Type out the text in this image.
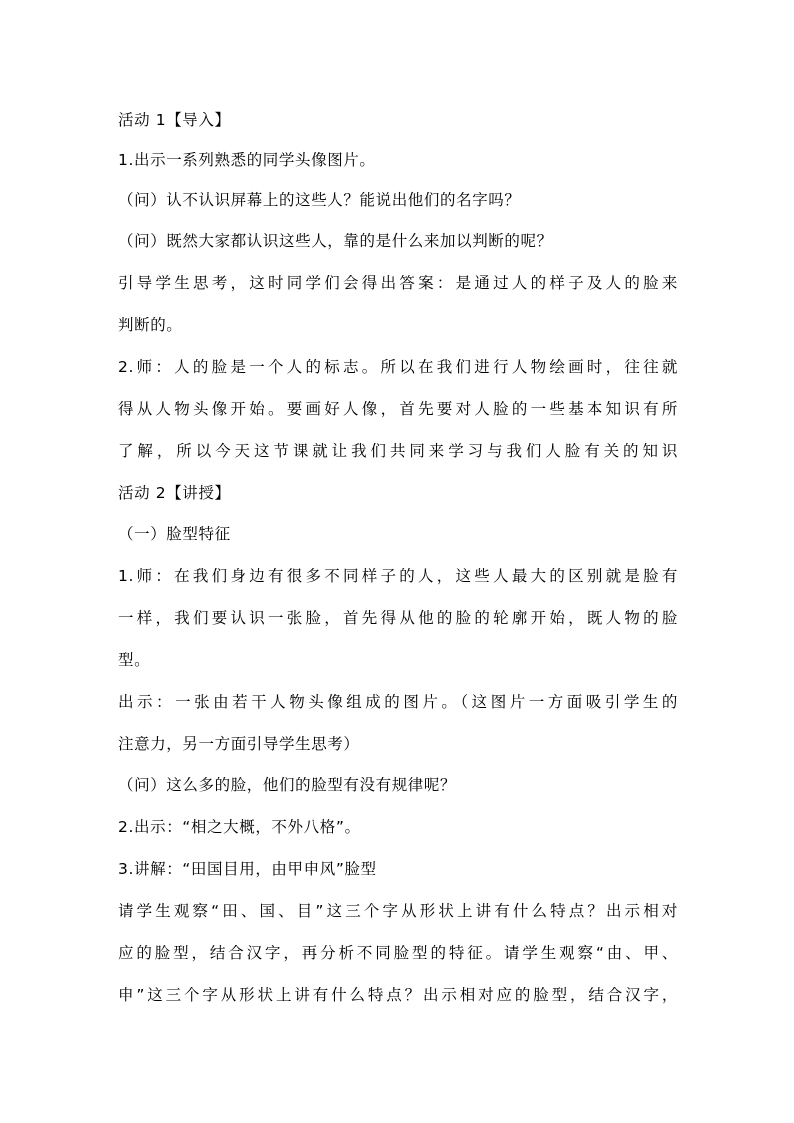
活动 1【导入】
1.出示一系列熟悉的同学头像图片。
（问）认不认识屏幕上的这些人？能说出他们的名字吗？
（问）既然大家都认识这些人，靠的是什么来加以判断的呢？
引导学生思考，这时同学们会得出答案：是通过人的样子及人的脸来
判断的。
2.师：人的脸是一个人的标志。所以在我们进行人物绘画时，往往就
得从人物头像开始。要画好人像，首先要对人脸的一些基本知识有所
了解，所以今天这节课就让我们共同来学习与我们人脸有关的知识
活动 2【讲授】
（一）脸型特征
1.师：在我们身边有很多不同样子的人，这些人最大的区别就是脸有
一样，我们要认识一张脸，首先得从他的脸的轮廓开始，既人物的脸
型。
出示：一张由若干人物头像组成的图片。（这图片一方面吸引学生的
注意力，另一方面引导学生思考）
（问）这么多的脸，他们的脸型有没有规律呢？
2.出示：“相之大概，不外八格”。
3.讲解：“田国目用，由甲申风”脸型
请学生观察“田、国、目”这三个字从形状上讲有什么特点？出示相对
应的脸型，结合汉字，再分析不同脸型的特征。请学生观察“由、甲、
申”这三个字从形状上讲有什么特点？出示相对应的脸型，结合汉字，
